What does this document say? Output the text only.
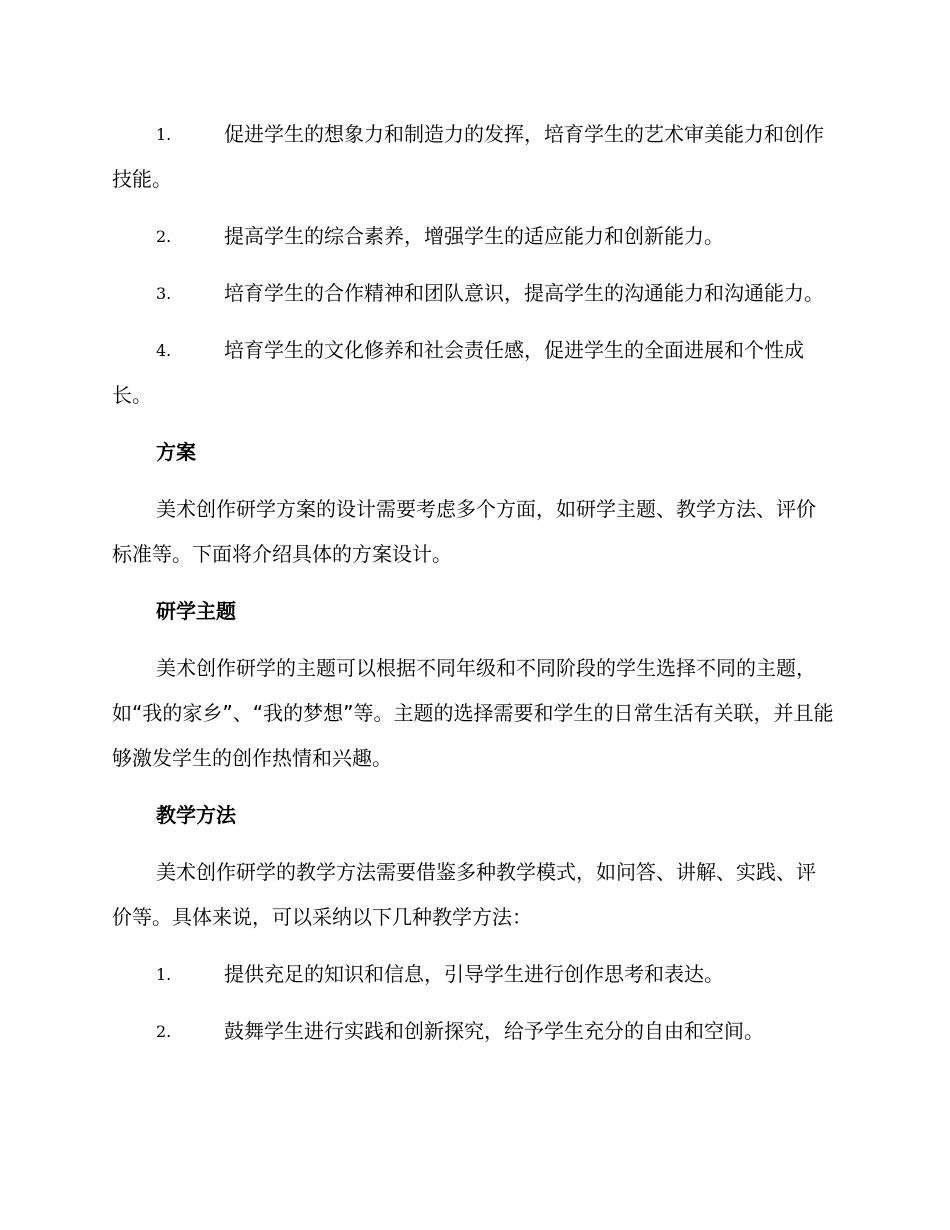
1.	促进学生的想象力和制造力的发挥，培育学生的艺术审美能力和创作技能。

2.	提高学生的综合素养，增强学生的适应能力和创新能力。

3.	培育学生的合作精神和团队意识，提高学生的沟通能力和沟通能力。

4.	培育学生的文化修养和社会责任感，促进学生的全面进展和个性成长。

方案

美术创作研学方案的设计需要考虑多个方面，如研学主题、教学方法、评价标准等。下面将介绍具体的方案设计。

研学主题

美术创作研学的主题可以根据不同年级和不同阶段的学生选择不同的主题，如“我的家乡”、“我的梦想”等。主题的选择需要和学生的日常生活有关联，并且能够激发学生的创作热情和兴趣。

教学方法

美术创作研学的教学方法需要借鉴多种教学模式，如问答、讲解、实践、评价等。具体来说，可以采纳以下几种教学方法：

1.	提供充足的知识和信息，引导学生进行创作思考和表达。

2.	鼓舞学生进行实践和创新探究，给予学生充分的自由和空间。
